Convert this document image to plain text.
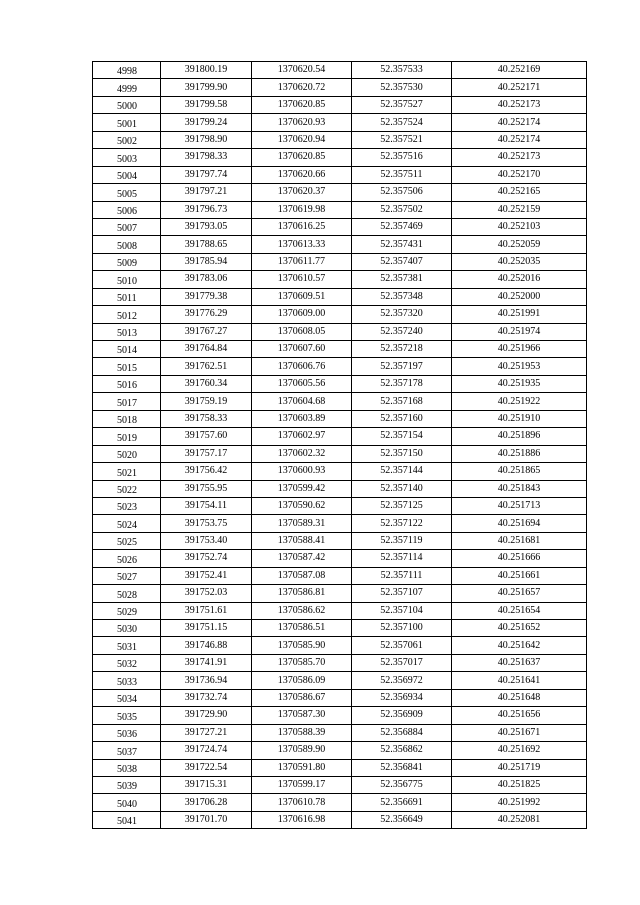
4998	391800.19	1370620.54	52.357533	40.252169
4999	391799.90	1370620.72	52.357530	40.252171
5000	391799.58	1370620.85	52.357527	40.252173
5001	391799.24	1370620.93	52.357524	40.252174
5002	391798.90	1370620.94	52.357521	40.252174
5003	391798.33	1370620.85	52.357516	40.252173
5004	391797.74	1370620.66	52.357511	40.252170
5005	391797.21	1370620.37	52.357506	40.252165
5006	391796.73	1370619.98	52.357502	40.252159
5007	391793.05	1370616.25	52.357469	40.252103
5008	391788.65	1370613.33	52.357431	40.252059
5009	391785.94	1370611.77	52.357407	40.252035
5010	391783.06	1370610.57	52.357381	40.252016
5011	391779.38	1370609.51	52.357348	40.252000
5012	391776.29	1370609.00	52.357320	40.251991
5013	391767.27	1370608.05	52.357240	40.251974
5014	391764.84	1370607.60	52.357218	40.251966
5015	391762.51	1370606.76	52.357197	40.251953
5016	391760.34	1370605.56	52.357178	40.251935
5017	391759.19	1370604.68	52.357168	40.251922
5018	391758.33	1370603.89	52.357160	40.251910
5019	391757.60	1370602.97	52.357154	40.251896
5020	391757.17	1370602.32	52.357150	40.251886
5021	391756.42	1370600.93	52.357144	40.251865
5022	391755.95	1370599.42	52.357140	40.251843
5023	391754.11	1370590.62	52.357125	40.251713
5024	391753.75	1370589.31	52.357122	40.251694
5025	391753.40	1370588.41	52.357119	40.251681
5026	391752.74	1370587.42	52.357114	40.251666
5027	391752.41	1370587.08	52.357111	40.251661
5028	391752.03	1370586.81	52.357107	40.251657
5029	391751.61	1370586.62	52.357104	40.251654
5030	391751.15	1370586.51	52.357100	40.251652
5031	391746.88	1370585.90	52.357061	40.251642
5032	391741.91	1370585.70	52.357017	40.251637
5033	391736.94	1370586.09	52.356972	40.251641
5034	391732.74	1370586.67	52.356934	40.251648
5035	391729.90	1370587.30	52.356909	40.251656
5036	391727.21	1370588.39	52.356884	40.251671
5037	391724.74	1370589.90	52.356862	40.251692
5038	391722.54	1370591.80	52.356841	40.251719
5039	391715.31	1370599.17	52.356775	40.251825
5040	391706.28	1370610.78	52.356691	40.251992
5041	391701.70	1370616.98	52.356649	40.252081
